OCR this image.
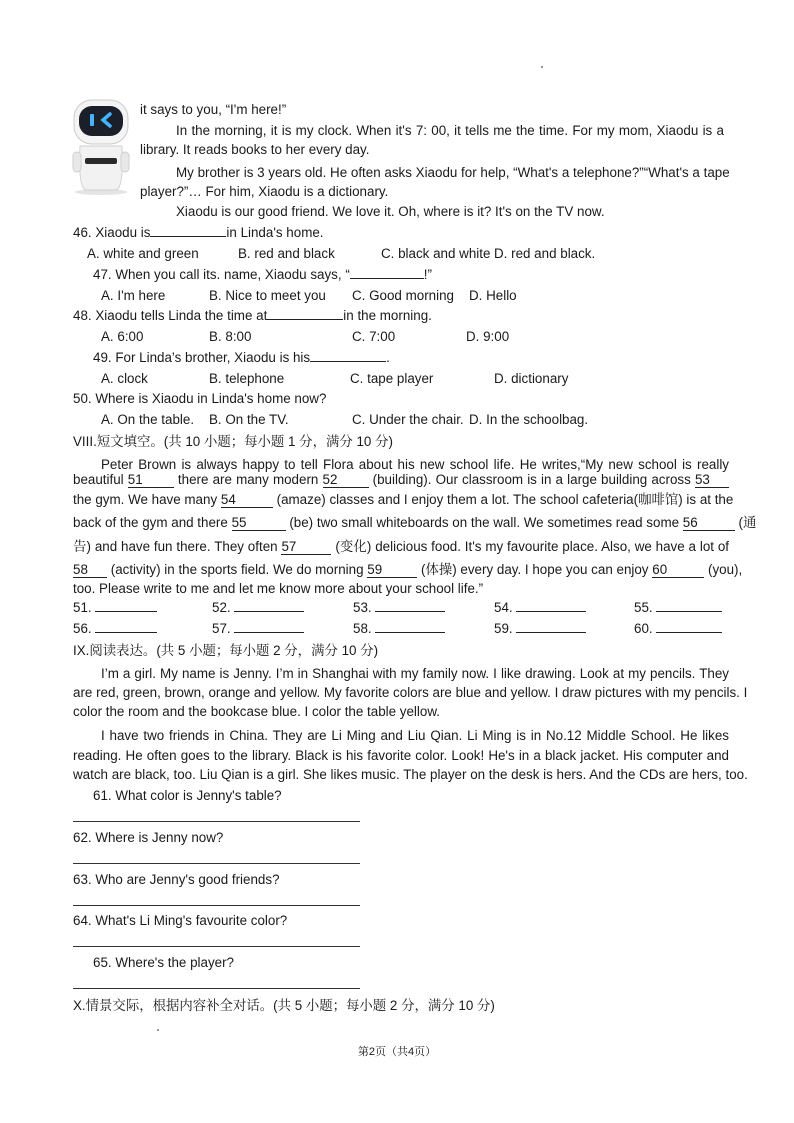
it says to you, “I'm here!”
In the morning, it is my clock. When it's 7: 00, it tells me the time. For my mom, Xiaodu is a
library. It reads books to her every day.
My brother is 3 years old. He often asks Xiaodu for help, “What's a telephone?”“What's a tape
player?”… For him, Xiaodu is a dictionary.
Xiaodu is our good friend. We love it. Oh, where is it? It's on the TV now.
46. Xiaodu is	in Linda's home.
A. white and green	B. red and black	C. black and white D. red and black.
47. When you call its. name, Xiaodu says, “	!”
A. I'm here	B. Nice to meet you C. Good morning D. Hello
48. Xiaodu tells Linda the time at	in the morning.
A. 6:00	B. 8:00	C. 7:00	D. 9:00
49. For Linda’s brother, Xiaodu is his	.
A. clock	B. telephone	C. tape player	D. dictionary
50. Where is Xiaodu in Linda's home now?
A. On the table. B. On the TV.	C. Under the chair. D. In the schoolbag.
VIII.短文填空。(共 10 小题；每小题 1 分，满分 10 分)
Peter Brown is always happy to tell Flora about his new school life. He writes,“My new school is really
beautiful 51	there are many modern 52	(building). Our classroom is in a large building across 53
the gym. We have many 54	(amaze) classes and I enjoy them a lot. The school cafeteria(咖啡馆) is at the
back of the gym and there 55	(be) two small whiteboards on the wall. We sometimes read some 56	(通
告) and have fun there. They often 57	(变化) delicious food. It's my favourite place. Also, we have a lot of
58 (activity) in the sports field. We do morning 59	(体操) every day. I hope you can enjoy 60	(you),
too. Please write to me and let me know more about your school life.”
51.	52.	53.	54.	55.
56.	57.	58.	59.	60.
IX.阅读表达。(共 5 小题；每小题 2 分，满分 10 分)
I’m a girl. My name is Jenny. I’m in Shanghai with my family now. I like drawing. Look at my pencils. They
are red, green, brown, orange and yellow. My favorite colors are blue and yellow. I draw pictures with my pencils. I
color the room and the bookcase blue. I color the table yellow.
I have two friends in China. They are Li Ming and Liu Qian. Li Ming is in No.12 Middle School. He likes
reading. He often goes to the library. Black is his favorite color. Look! He's in a black jacket. His computer and
watch are black, too. Liu Qian is a girl. She likes music. The player on the desk is hers. And the CDs are hers, too.
61. What color is Jenny's table?
62. Where is Jenny now?
63. Who are Jenny's good friends?
64. What's Li Ming's favourite color?
65. Where's the player?
X.情景交际，根据内容补全对话。(共 5 小题；每小题 2 分，满分 10 分)
第2页（共4页）
